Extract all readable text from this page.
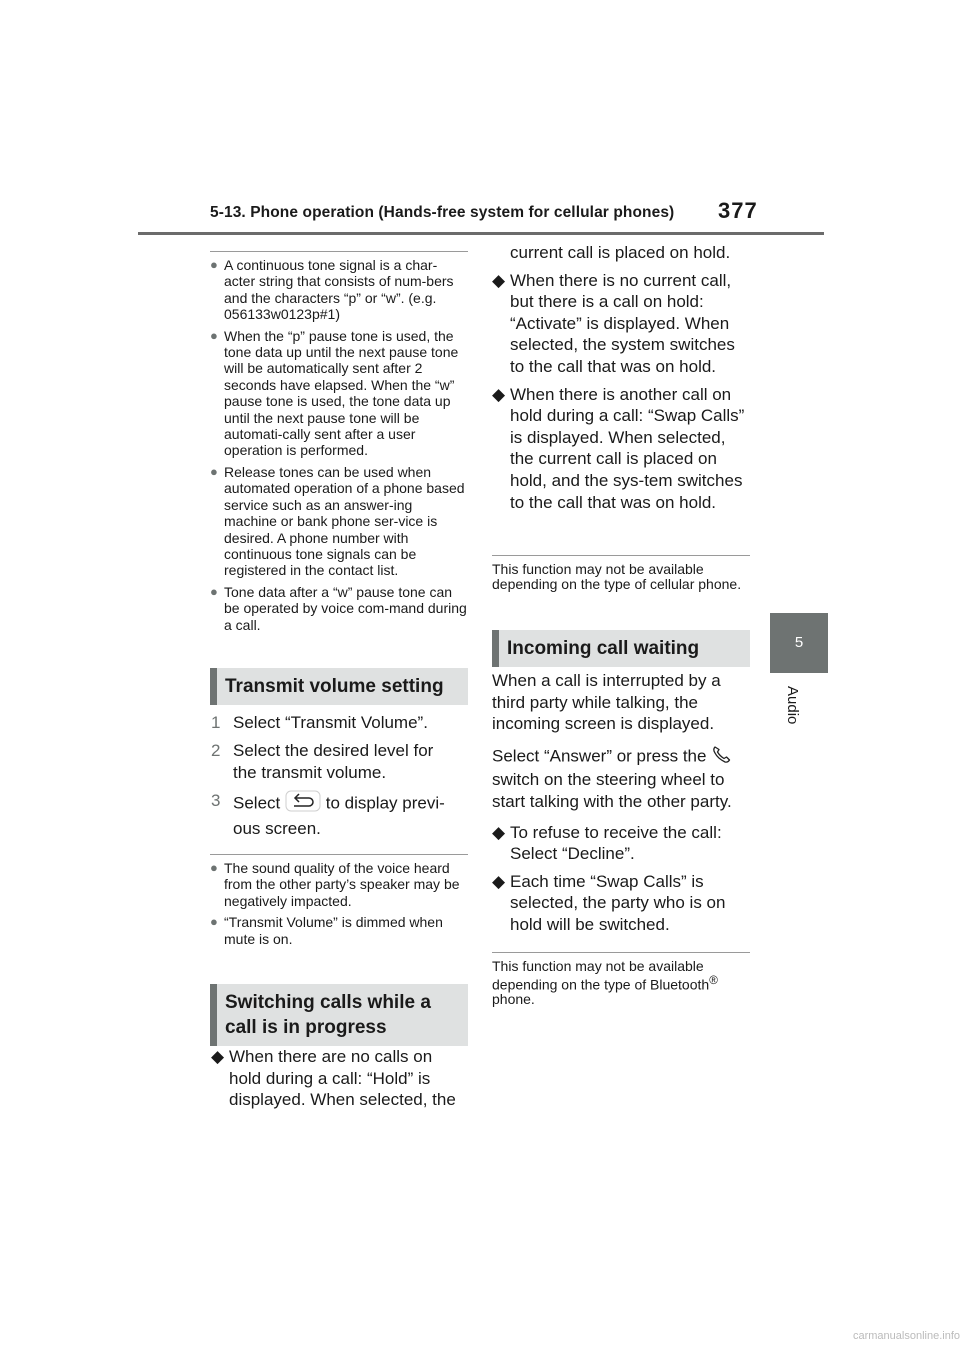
5-13. Phone operation (Hands-free system for cellular phones) 377
5
Audio
● A continuous tone signal is a char-acter string that consists of num-bers and the characters “p” or “w”. (e.g. 056133w0123p#1)
● When the “p” pause tone is used, the tone data up until the next pause tone will be automatically sent after 2 seconds have elapsed. When the “w” pause tone is used, the tone data up until the next pause tone will be automati-cally sent after a user operation is performed.
● Release tones can be used when automated operation of a phone based service such as an answer-ing machine or bank phone ser-vice is desired. A phone number with continuous tone signals can be registered in the contact list.
● Tone data after a “w” pause tone can be operated by voice com-mand during a call.
Transmit volume setting
1 Select “Transmit Volume”.
2 Select the desired level for the transmit volume.
3 Select	to display previ-ous screen.
● The sound quality of the voice heard from the other party’s speaker may be negatively impacted.
● “Transmit Volume” is dimmed when mute is on.
Switching calls while a call is in progress
◆ When there are no calls on hold during a call: “Hold” is displayed. When selected, the
current call is placed on hold.
◆ When there is no current call, but there is a call on hold: “Activate” is displayed. When selected, the system switches to the call that was on hold.
◆ When there is another call on hold during a call: “Swap Calls” is displayed. When selected, the current call is placed on hold, and the sys-tem switches to the call that was on hold.
This function may not be available depending on the type of cellular phone.
Incoming call waiting
When a call is interrupted by a third party while talking, the incoming screen is displayed.
Select “Answer” or press the  switch on the steering wheel to start talking with the other party.
◆ To refuse to receive the call: Select “Decline”.
◆ Each time “Swap Calls” is selected, the party who is on hold will be switched.
This function may not be available depending on the type of Bluetooth® phone.
carmanualsonline.info
